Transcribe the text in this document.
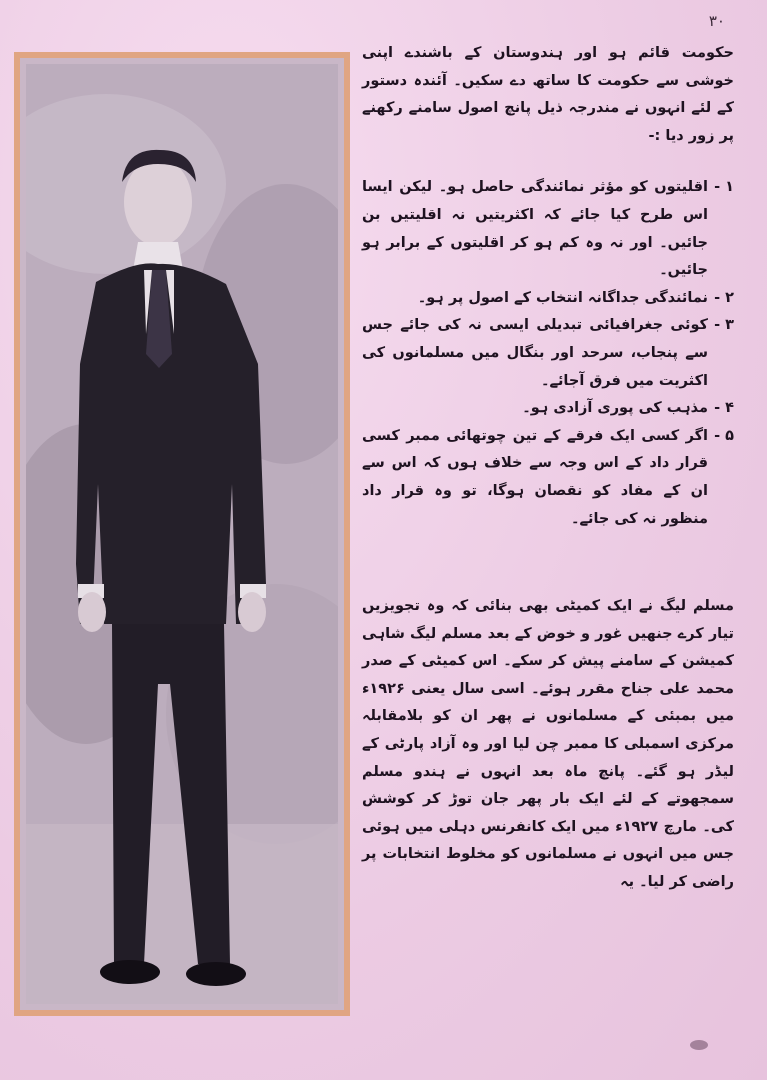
۳۰

حکومت قائم ہو اور ہندوستان کے باشندے اپنی خوشی سے حکومت کا ساتھ دے سکیں۔ آئندہ دستور کے لئے انہوں نے مندرجہ ذیل پانچ اصول سامنے رکھنے پر زور دیا :-

۱ -
اقلیتوں کو مؤثر نمائندگی حاصل ہو۔ لیکن ایسا اس طرح کیا جائے کہ اکثریتیں نہ اقلیتیں بن جائیں۔ اور نہ وہ کم ہو کر اقلیتوں کے برابر ہو جائیں۔
۲ -
نمائندگی جداگانہ انتخاب کے اصول پر ہو۔
۳ -
کوئی جغرافیائی تبدیلی ایسی نہ کی جائے جس سے پنجاب، سرحد اور بنگال میں مسلمانوں کی اکثریت میں فرق آجائے۔
۴ -
مذہب کی پوری آزادی ہو۔
۵ -
اگر کسی ایک فرقے کے تین چوتھائی ممبر کسی قرار داد کے اس وجہ سے خلاف ہوں کہ اس سے ان کے مفاد کو نقصان ہوگا، تو وہ قرار داد منظور نہ کی جائے۔

مسلم لیگ نے ایک کمیٹی بھی بنائی کہ وہ تجویزیں تیار کرے جنھیں غور و خوض کے بعد مسلم لیگ شاہی کمیشن کے سامنے پیش کر سکے۔ اس کمیٹی کے صدر محمد علی جناح مقرر ہوئے۔ اسی سال یعنی ۱۹۲۶ء میں بمبئی کے مسلمانوں نے پھر ان کو بلامقابلہ مرکزی اسمبلی کا ممبر چن لیا اور وہ آزاد پارٹی کے لیڈر ہو گئے۔ پانچ ماہ بعد انہوں نے ہندو مسلم سمجھوتے کے لئے ایک بار پھر جان توڑ کر کوشش کی۔ مارچ ۱۹۲۷ء میں ایک کانفرنس دہلی میں ہوئی جس میں انہوں نے مسلمانوں کو مخلوط انتخابات پر راضی کر لیا۔ یہ
